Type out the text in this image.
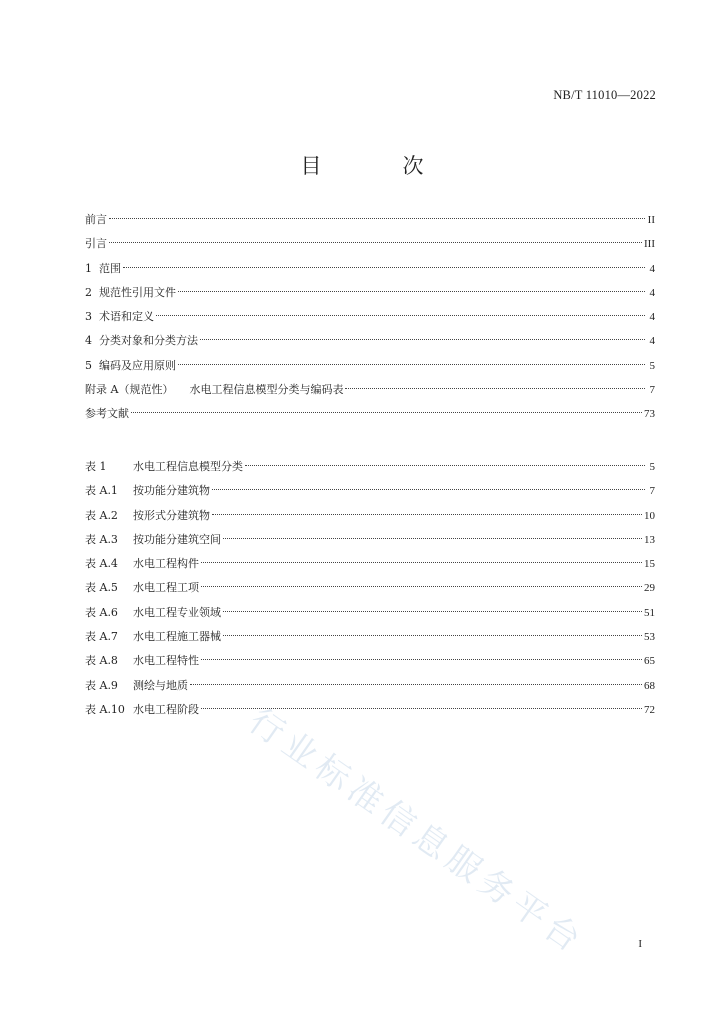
NB/T 11010—2022
目　次
前言	II
引言	III
1 范围	4
2 规范性引用文件	4
3 术语和定义	4
4 分类对象和分类方法	4
5 编码及应用原则	5
附录 A（规范性） 水电工程信息模型分类与编码表	7
参考文献	73
表 1	水电工程信息模型分类	5
表 A.1	按功能分建筑物	7
表 A.2	按形式分建筑物	10
表 A.3	按功能分建筑空间	13
表 A.4	水电工程构件	15
表 A.5	水电工程工项	29
表 A.6	水电工程专业领域	51
表 A.7	水电工程施工器械	53
表 A.8	水电工程特性	65
表 A.9	测绘与地质	68
表 A.10 水电工程阶段	72
行业标准信息服务平台	I
